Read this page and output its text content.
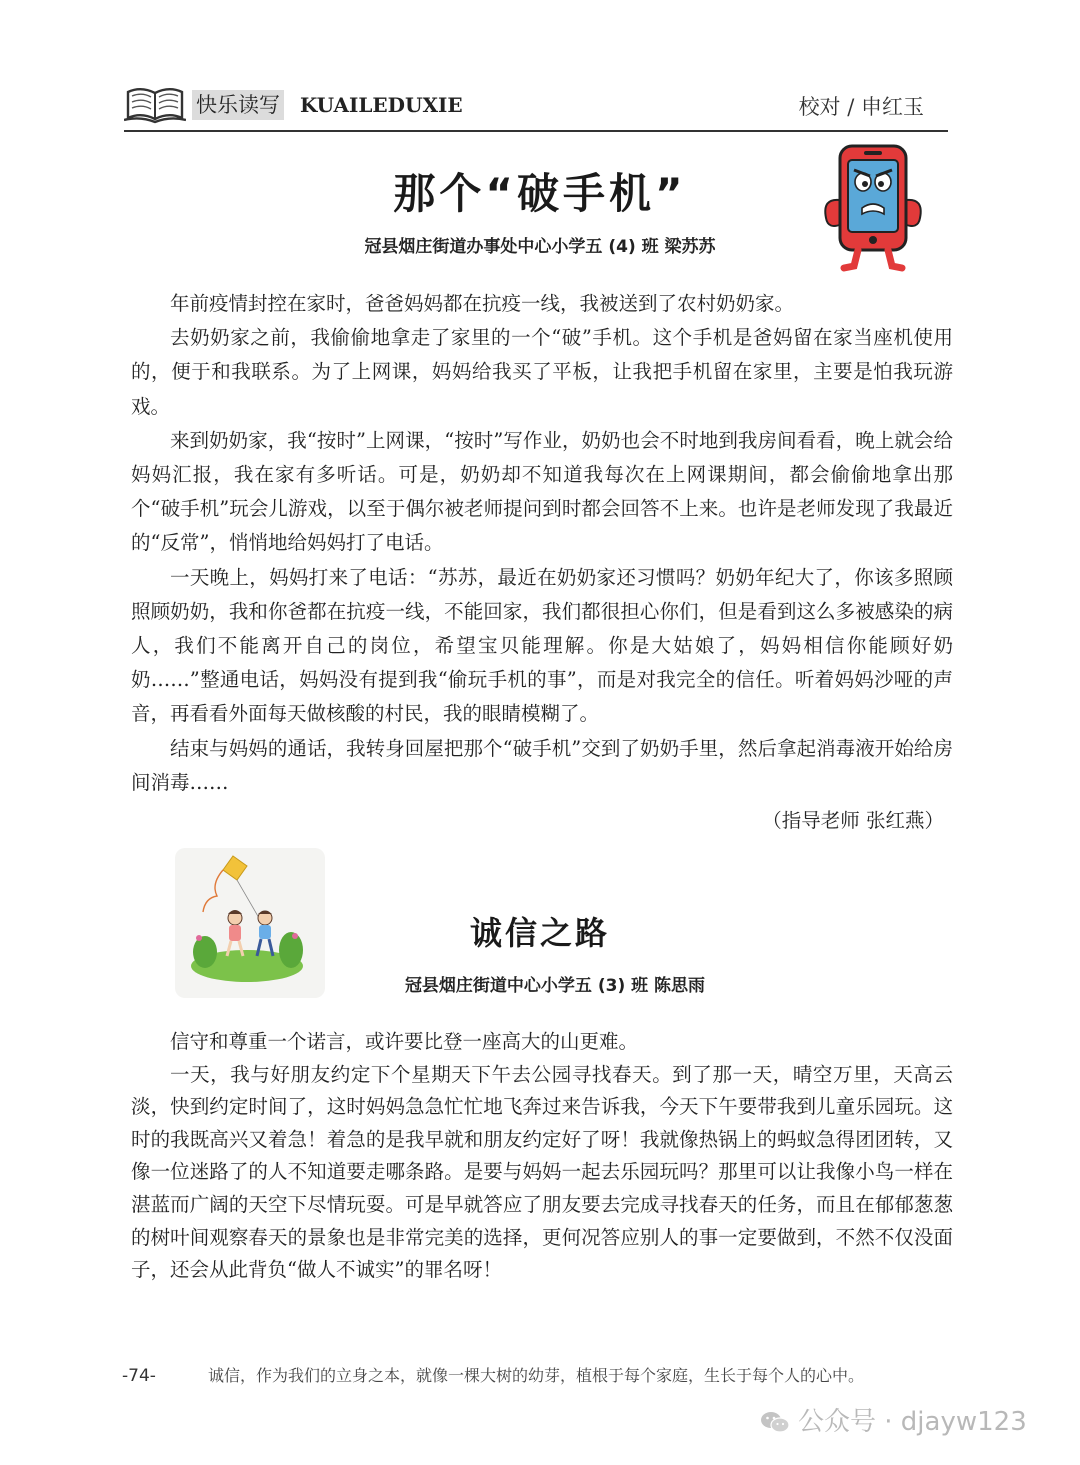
快乐读写 KUAILEDUXIE	校对 / 申红玉
那个“破手机”
冠县烟庄街道办事处中心小学五 (4) 班 梁苏苏

年前疫情封控在家时，爸爸妈妈都在抗疫一线，我被送到了农村奶奶家。

去奶奶家之前，我偷偷地拿走了家里的一个“破”手机。这个手机是爸妈留在家当座机使用的，便于和我联系。为了上网课，妈妈给我买了平板，让我把手机留在家里，主要是怕我玩游戏。

来到奶奶家，我“按时”上网课，“按时”写作业，奶奶也会不时地到我房间看看，晚上就会给妈妈汇报，我在家有多听话。可是，奶奶却不知道我每次在上网课期间，都会偷偷地拿出那个“破手机”玩会儿游戏，以至于偶尔被老师提问到时都会回答不上来。也许是老师发现了我最近的“反常”，悄悄地给妈妈打了电话。

一天晚上，妈妈打来了电话：“苏苏，最近在奶奶家还习惯吗？奶奶年纪大了，你该多照顾照顾奶奶，我和你爸都在抗疫一线，不能回家，我们都很担心你们，但是看到这么多被感染的病人，我们不能离开自己的岗位，希望宝贝能理解。你是大姑娘了，妈妈相信你能顾好奶奶……”整通电话，妈妈没有提到我“偷玩手机的事”，而是对我完全的信任。听着妈妈沙哑的声音，再看看外面每天做核酸的村民，我的眼睛模糊了。

结束与妈妈的通话，我转身回屋把那个“破手机”交到了奶奶手里，然后拿起消毒液开始给房间消毒……

（指导老师 张红燕）
诚信之路
冠县烟庄街道中心小学五 (3) 班 陈思雨

信守和尊重一个诺言，或许要比登一座高大的山更难。

一天，我与好朋友约定下个星期天下午去公园寻找春天。到了那一天，晴空万里，天高云淡，快到约定时间了，这时妈妈急急忙忙地飞奔过来告诉我，今天下午要带我到儿童乐园玩。这时的我既高兴又着急！着急的是我早就和朋友约定好了呀！我就像热锅上的蚂蚁急得团团转，又像一位迷路了的人不知道要走哪条路。是要与妈妈一起去乐园玩吗？那里可以让我像小鸟一样在湛蓝而广阔的天空下尽情玩耍。可是早就答应了朋友要去完成寻找春天的任务，而且在郁郁葱葱的树叶间观察春天的景象也是非常完美的选择，更何况答应别人的事一定要做到，不然不仅没面子，还会从此背负“做人不诚实”的罪名呀！

-74-	诚信，作为我们的立身之本，就像一棵大树的幼芽，植根于每个家庭，生长于每个人的心中。
公众号 · djayw123
